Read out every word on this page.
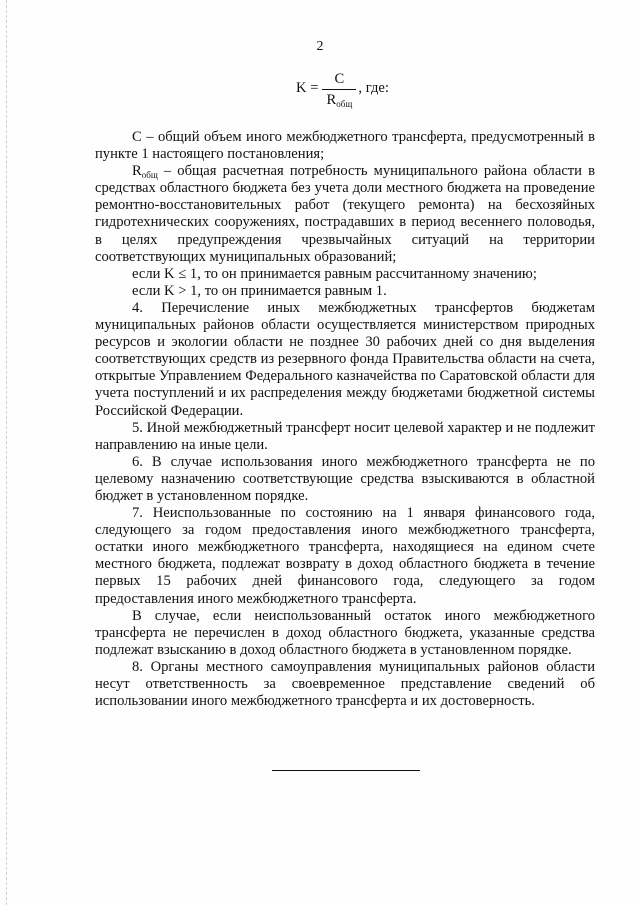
2
$K = \frac{C}{R_{общ}}$ , где:

C – общий объем иного межбюджетного трансферта, предусмотренный в пункте 1 настоящего постановления;

$R_{общ}$ – общая расчетная потребность муниципального района области в средствах областного бюджета без учета доли местного бюджета на проведение ремонтно-восстановительных работ (текущего ремонта) на бесхозяйных гидротехнических сооружениях, пострадавших в период весеннего половодья, в целях предупреждения чрезвычайных ситуаций на территории соответствующих муниципальных образований;

если K ≤ 1, то он принимается равным рассчитанному значению;

если K > 1, то он принимается равным 1.

4. Перечисление иных межбюджетных трансфертов бюджетам муниципальных районов области осуществляется министерством природных ресурсов и экологии области не позднее 30 рабочих дней со дня выделения соответствующих средств из резервного фонда Правительства области на счета, открытые Управлением Федерального казначейства по Саратовской области для учета поступлений и их распределения между бюджетами бюджетной системы Российской Федерации.

5. Иной межбюджетный трансферт носит целевой характер и не подлежит направлению на иные цели.

6. В случае использования иного межбюджетного трансферта не по целевому назначению соответствующие средства взыскиваются в областной бюджет в установленном порядке.

7. Неиспользованные по состоянию на 1 января финансового года, следующего за годом предоставления иного межбюджетного трансферта, остатки иного межбюджетного трансферта, находящиеся на едином счете местного бюджета, подлежат возврату в доход областного бюджета в течение первых 15 рабочих дней финансового года, следующего за годом предоставления иного межбюджетного трансферта.

В случае, если неиспользованный остаток иного межбюджетного трансферта не перечислен в доход областного бюджета, указанные средства подлежат взысканию в доход областного бюджета в установленном порядке.

8. Органы местного самоуправления муниципальных районов области несут ответственность за своевременное представление сведений об использовании иного межбюджетного трансферта и их достоверность.
